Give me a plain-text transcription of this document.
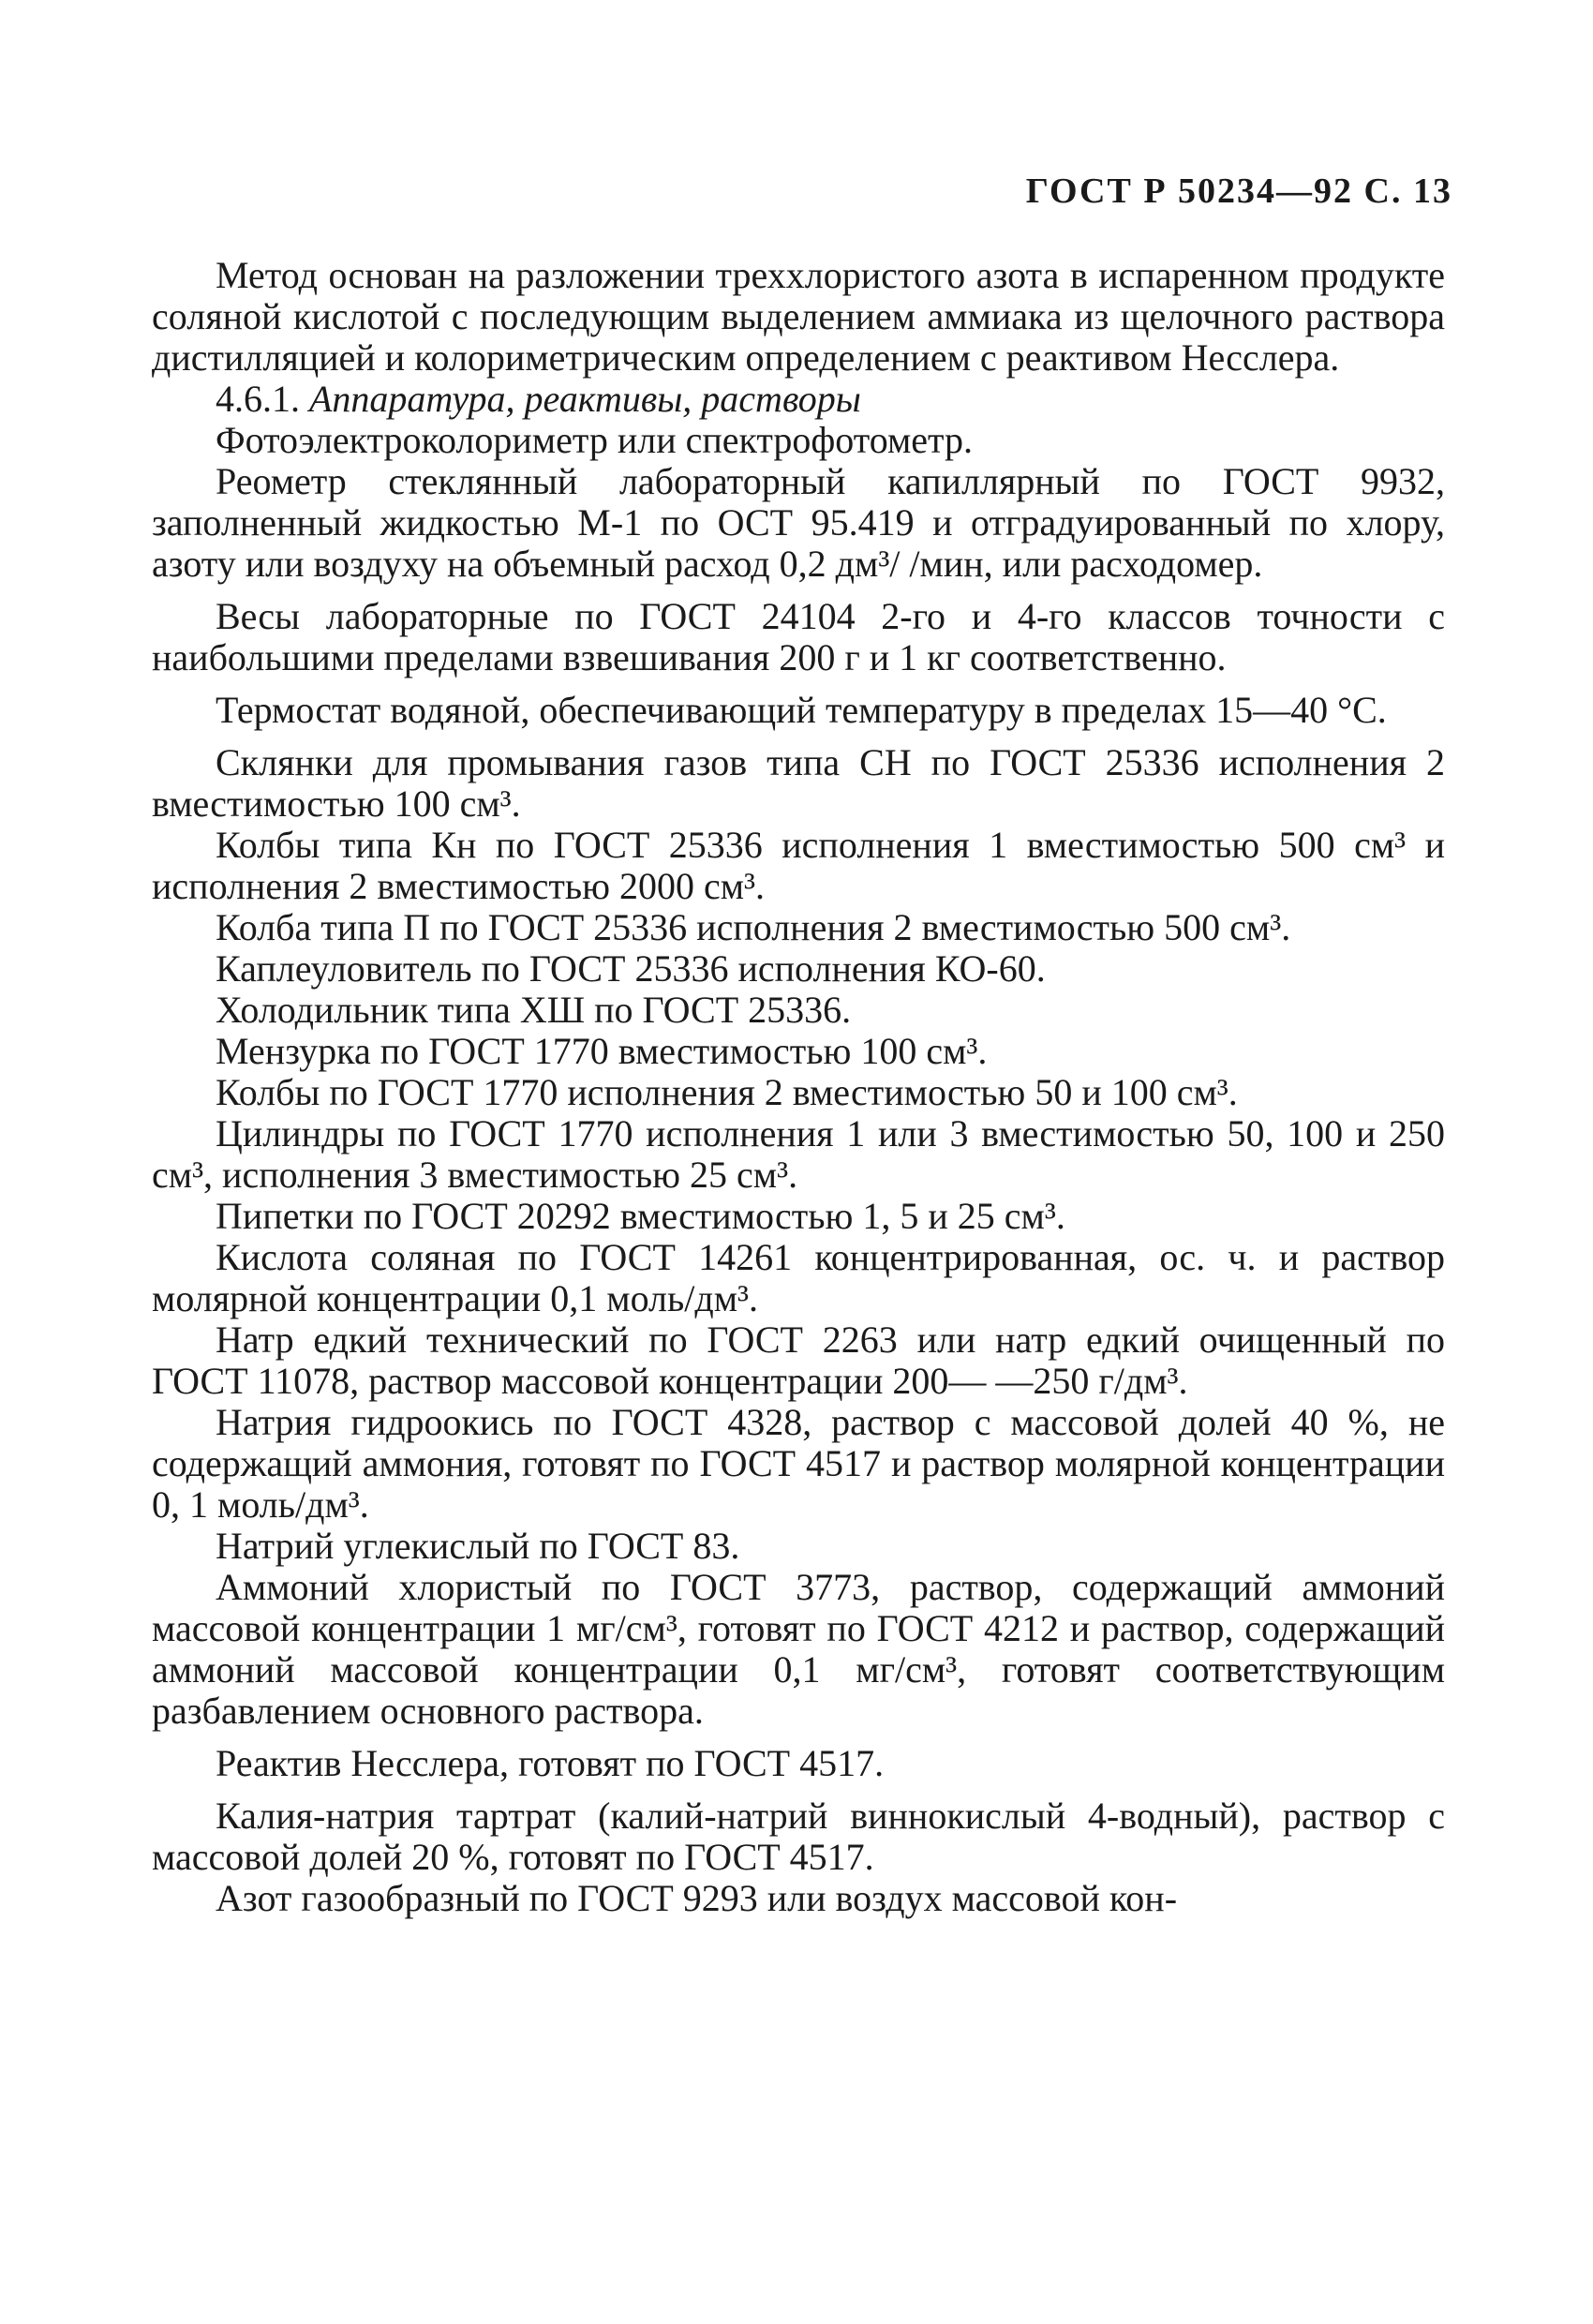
ГОСТ Р 50234—92 С. 13

Метод основан на разложении треххлористого азота в испаренном продукте соляной кислотой с последующим выделением аммиака из щелочного раствора дистилляцией и колориметрическим определением с реактивом Несслера.

4.6.1. Аппаратура, реактивы, растворы

Фотоэлектроколориметр или спектрофотометр.

Реометр стеклянный лабораторный капиллярный по ГОСТ 9932, заполненный жидкостью М-1 по ОСТ 95.419 и отградуированный по хлору, азоту или воздуху на объемный расход 0,2 дм³/ /мин, или расходомер.

Весы лабораторные по ГОСТ 24104 2-го и 4-го классов точности с наибольшими пределами взвешивания 200 г и 1 кг соответственно.

Термостат водяной, обеспечивающий температуру в пределах 15—40 °С.

Склянки для промывания газов типа СН по ГОСТ 25336 исполнения 2 вместимостью 100 см³.

Колбы типа Кн по ГОСТ 25336 исполнения 1 вместимостью 500 см³ и исполнения 2 вместимостью 2000 см³.

Колба типа П по ГОСТ 25336 исполнения 2 вместимостью 500 см³.

Каплеуловитель по ГОСТ 25336 исполнения КО-60.

Холодильник типа ХШ по ГОСТ 25336.

Мензурка по ГОСТ 1770 вместимостью 100 см³.

Колбы по ГОСТ 1770 исполнения 2 вместимостью 50 и 100 см³.

Цилиндры по ГОСТ 1770 исполнения 1 или 3 вместимостью 50, 100 и 250 см³, исполнения 3 вместимостью 25 см³.

Пипетки по ГОСТ 20292 вместимостью 1, 5 и 25 см³.

Кислота соляная по ГОСТ 14261 концентрированная, ос. ч. и раствор молярной концентрации 0,1 моль/дм³.

Натр едкий технический по ГОСТ 2263 или натр едкий очищенный по ГОСТ 11078, раствор массовой концентрации 200— —250 г/дм³.

Натрия гидроокись по ГОСТ 4328, раствор с массовой долей 40 %, не содержащий аммония, готовят по ГОСТ 4517 и раствор молярной концентрации 0, 1 моль/дм³.

Натрий углекислый по ГОСТ 83.

Аммоний хлористый по ГОСТ 3773, раствор, содержащий аммоний массовой концентрации 1 мг/см³, готовят по ГОСТ 4212 и раствор, содержащий аммоний массовой концентрации 0,1 мг/см³, готовят соответствующим разбавлением основного раствора.

Реактив Несслера, готовят по ГОСТ 4517.

Калия-натрия тартрат (калий-натрий виннокислый 4-водный), раствор с массовой долей 20 %, готовят по ГОСТ 4517.

Азот газообразный по ГОСТ 9293 или воздух массовой кон-
